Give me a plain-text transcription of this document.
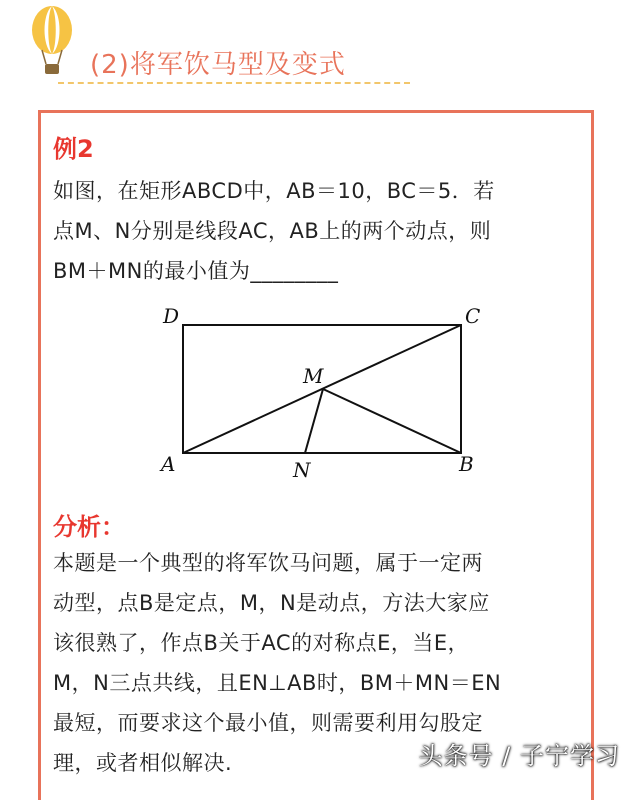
(2)将军饮马型及变式
例2
如图，在矩形ABCD中，AB＝10，BC＝5．若
点M、N分别是线段AC，AB上的两个动点，则
BM＋MN的最小值为________
D	C
M
A	N	B
分析：
本题是一个典型的将军饮马问题，属于一定两
动型，点B是定点，M，N是动点，方法大家应
该很熟了，作点B关于AC的对称点E，当E，
M，N三点共线，且EN⊥AB时，BM＋MN＝EN
最短，而要求这个最小值，则需要利用勾股定
理，或者相似解决.	头条号 / 子宁学习
